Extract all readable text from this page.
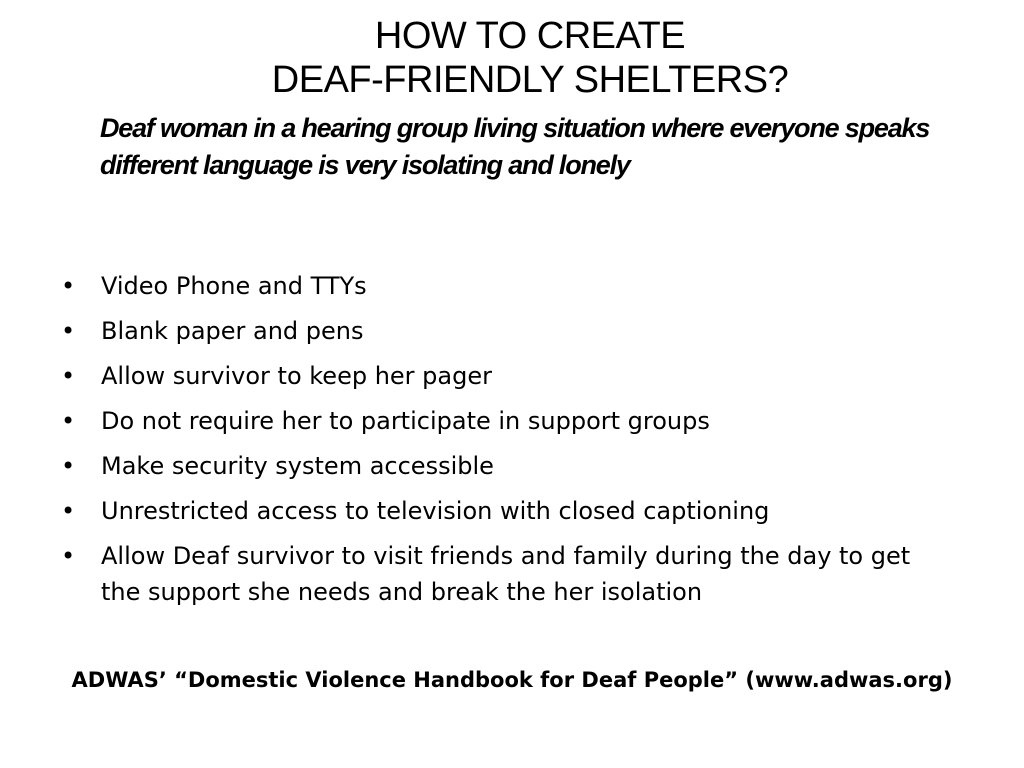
HOW TO CREATE
DEAF-FRIENDLY SHELTERS?
Deaf woman in a hearing group living situation where everyone speaks different language is very isolating and lonely
• Video Phone and TTYs
• Blank paper and pens
• Allow survivor to keep her pager
• Do not require her to participate in support groups
• Make security system accessible
• Unrestricted access to television with closed captioning
• Allow Deaf survivor to visit friends and family during the day to get the support she needs and break the her isolation
ADWAS’ “Domestic Violence Handbook for Deaf People” (www.adwas.org)
